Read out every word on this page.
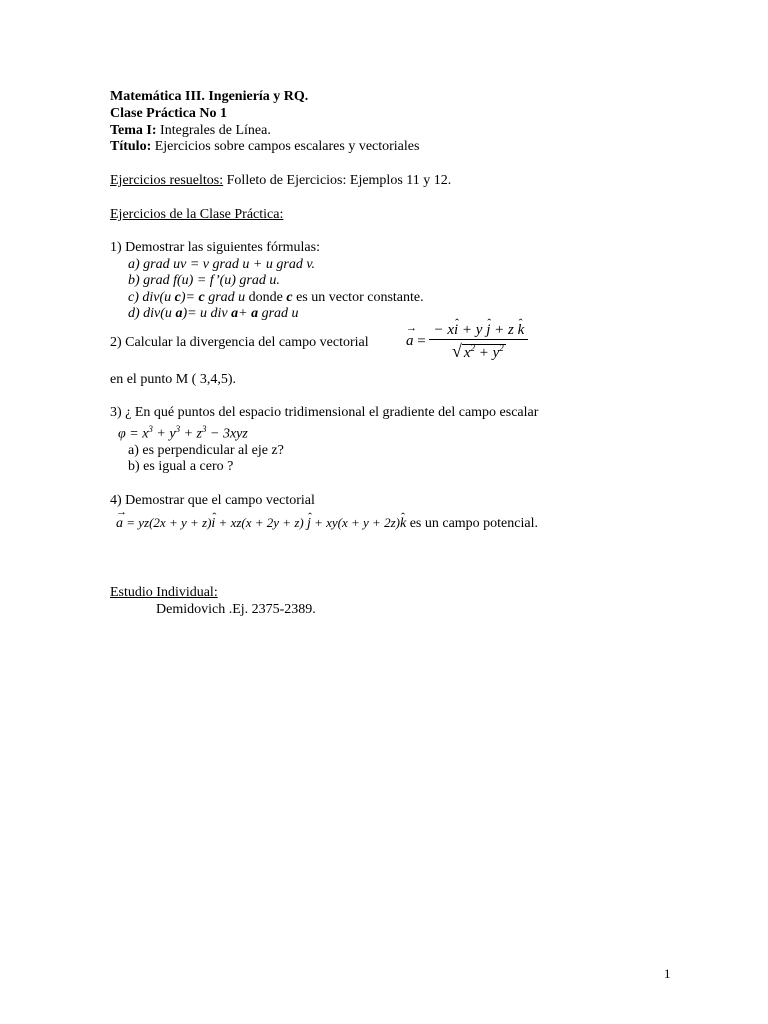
Matemática III. Ingeniería y RQ.
Clase Práctica No 1
Tema I: Integrales de Línea.
Título: Ejercicios sobre campos escalares y vectoriales
Ejercicios resueltos: Folleto de Ejercicios: Ejemplos 11 y 12.
Ejercicios de la Clase Práctica:
1) Demostrar las siguientes fórmulas:
a) grad uv = v grad u + u grad v.
b) grad f(u) = f’(u) grad u.
c) div(u c)= c grad u donde c es un vector constante.
d) div(u a)= u div a+ a grad u
2) Calcular la divergencia del campo vectorial
→ $a = \frac{\text{− xi ˆ + y j ˆ + z k ˆ}}{√ x^2 + y^2}$
en el punto M ( 3,4,5).
3) ¿ En qué puntos del espacio tridimensional el gradiente del campo escalar
$\varphi = x^3 + y^3 + z^3 - 3xyz$
a) es perpendicular al eje z?
b) es igual a cero ?
4) Demostrar que el campo vectorial
→ a = yz(2x + y + z)i ˆ + xz(x + 2y + z) j ˆ + xy(x + y + 2z)k ˆ es un campo potencial.
Estudio Individual:
Demidovich .Ej. 2375-2389.
1
